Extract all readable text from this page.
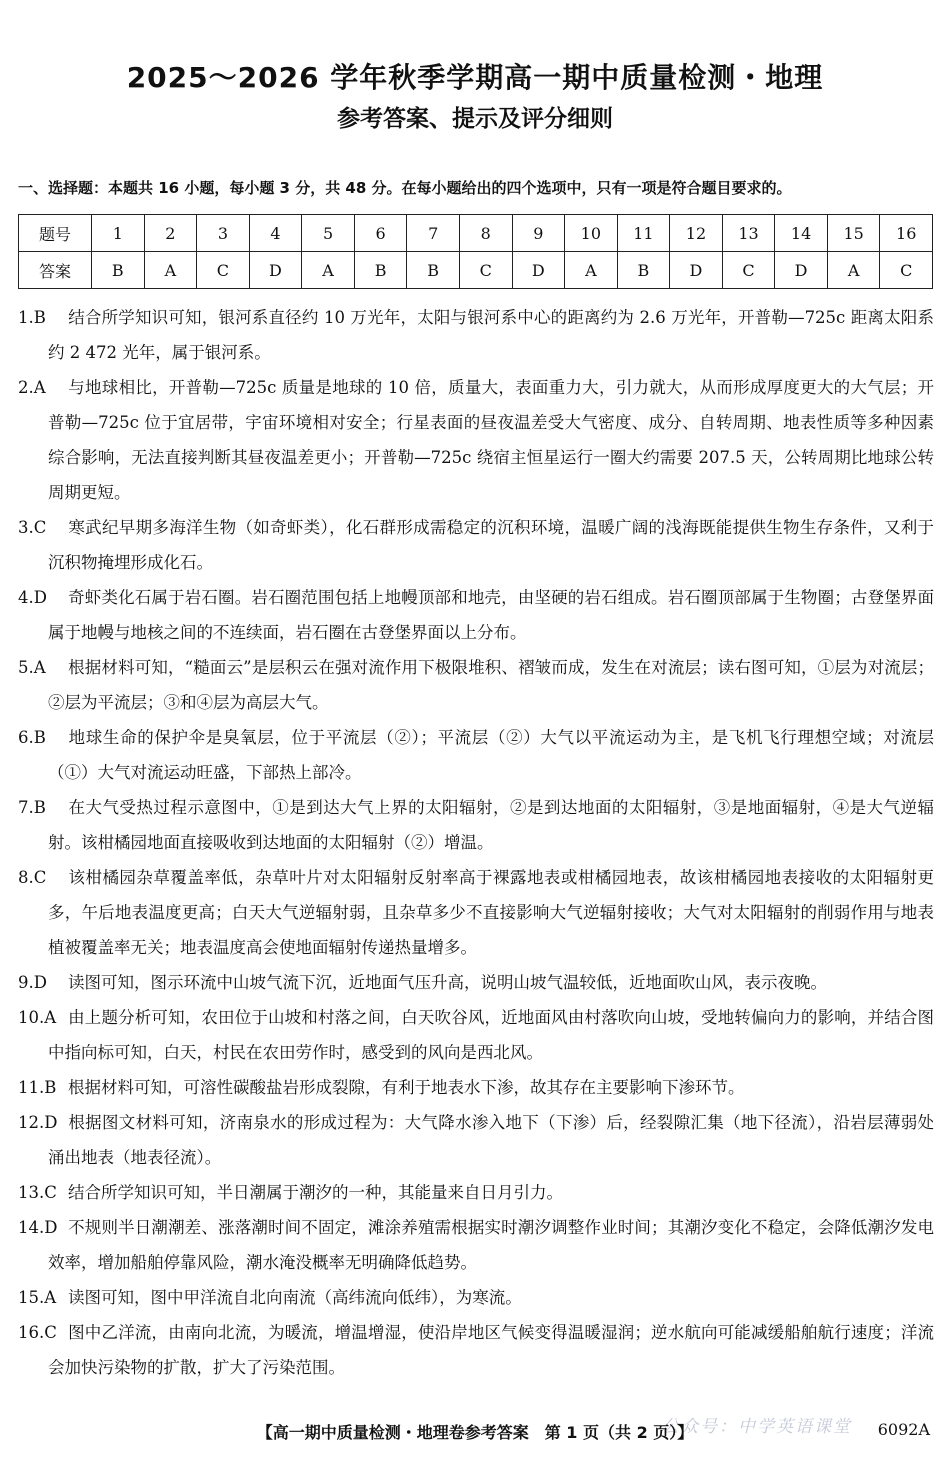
2025～2026 学年秋季学期高一期中质量检测・地理
参考答案、提示及评分细则
一、选择题：本题共 16 小题，每小题 3 分，共 48 分。在每小题给出的四个选项中，只有一项是符合题目要求的。
题号	1	2	3	4	5	6	7	8	9	10	11	12	13	14	15	16
答案	B	A	C	D	A	B	B	C	D	A	B	D	C	D	A	C
1.B 结合所学知识可知，银河系直径约 10 万光年，太阳与银河系中心的距离约为 2.6 万光年，开普勒—725c 距离太阳系约 2 472 光年，属于银河系。
2.A 与地球相比，开普勒—725c 质量是地球的 10 倍，质量大，表面重力大，引力就大，从而形成厚度更大的大气层；开普勒—725c 位于宜居带，宇宙环境相对安全；行星表面的昼夜温差受大气密度、成分、自转周期、地表性质等多种因素综合影响，无法直接判断其昼夜温差更小；开普勒—725c 绕宿主恒星运行一圈大约需要 207.5 天，公转周期比地球公转周期更短。
3.C 寒武纪早期多海洋生物（如奇虾类），化石群形成需稳定的沉积环境，温暖广阔的浅海既能提供生物生存条件，又利于沉积物掩埋形成化石。
4.D 奇虾类化石属于岩石圈。岩石圈范围包括上地幔顶部和地壳，由坚硬的岩石组成。岩石圈顶部属于生物圈；古登堡界面属于地幔与地核之间的不连续面，岩石圈在古登堡界面以上分布。
5.A 根据材料可知，“糙面云”是层积云在强对流作用下极限堆积、褶皱而成，发生在对流层；读右图可知，①层为对流层；②层为平流层；③和④层为高层大气。
6.B 地球生命的保护伞是臭氧层，位于平流层（②）；平流层（②）大气以平流运动为主，是飞机飞行理想空域；对流层（①）大气对流运动旺盛，下部热上部冷。
7.B 在大气受热过程示意图中，①是到达大气上界的太阳辐射，②是到达地面的太阳辐射，③是地面辐射，④是大气逆辐射。该柑橘园地面直接吸收到达地面的太阳辐射（②）增温。
8.C 该柑橘园杂草覆盖率低，杂草叶片对太阳辐射反射率高于裸露地表或柑橘园地表，故该柑橘园地表接收的太阳辐射更多，午后地表温度更高；白天大气逆辐射弱，且杂草多少不直接影响大气逆辐射接收；大气对太阳辐射的削弱作用与地表植被覆盖率无关；地表温度高会使地面辐射传递热量增多。
9.D 读图可知，图示环流中山坡气流下沉，近地面气压升高，说明山坡气温较低，近地面吹山风，表示夜晚。
10.A 由上题分析可知，农田位于山坡和村落之间，白天吹谷风，近地面风由村落吹向山坡，受地转偏向力的影响，并结合图中指向标可知，白天，村民在农田劳作时，感受到的风向是西北风。
11.B 根据材料可知，可溶性碳酸盐岩形成裂隙，有利于地表水下渗，故其存在主要影响下渗环节。
12.D 根据图文材料可知，济南泉水的形成过程为：大气降水渗入地下（下渗）后，经裂隙汇集（地下径流），沿岩层薄弱处涌出地表（地表径流）。
13.C 结合所学知识可知，半日潮属于潮汐的一种，其能量来自日月引力。
14.D 不规则半日潮潮差、涨落潮时间不固定，滩涂养殖需根据实时潮汐调整作业时间；其潮汐变化不稳定，会降低潮汐发电效率，增加船舶停靠风险，潮水淹没概率无明确降低趋势。
15.A 读图可知，图中甲洋流自北向南流（高纬流向低纬），为寒流。
16.C 图中乙洋流，由南向北流，为暖流，增温增湿，使沿岸地区气候变得温暖湿润；逆水航向可能减缓船舶航行速度；洋流会加快污染物的扩散，扩大了污染范围。
公众号：中学英语课堂
【高一期中质量检测・地理卷参考答案　第 1 页（共 2 页）】	6092A
